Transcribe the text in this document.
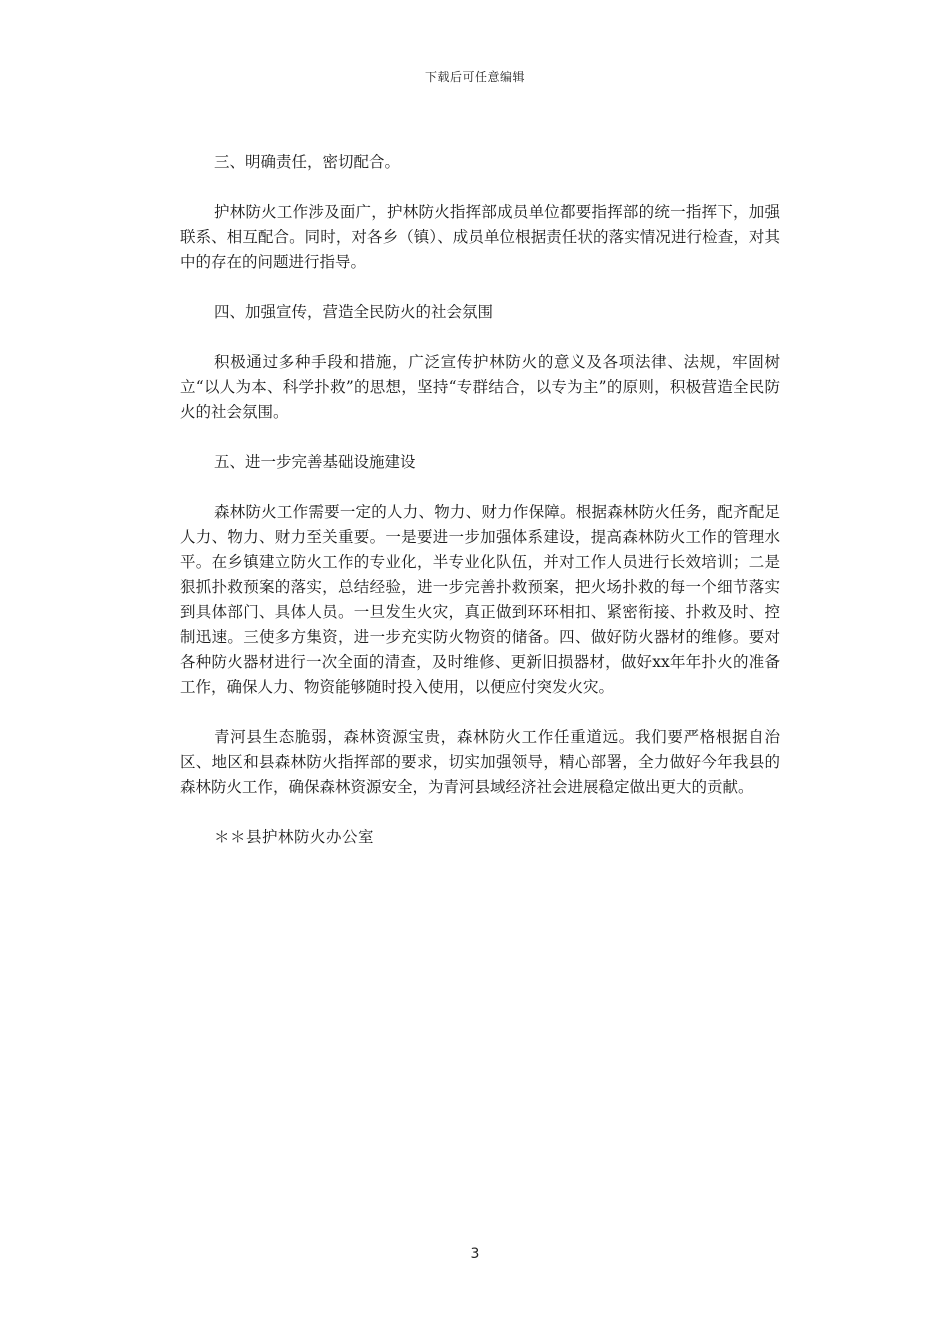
下载后可任意编辑

三、明确责任，密切配合。

护林防火工作涉及面广，护林防火指挥部成员单位都要指挥部的统一指挥下，加强联系、相互配合。同时，对各乡（镇）、成员单位根据责任状的落实情况进行检查，对其中的存在的问题进行指导。

四、加强宣传，营造全民防火的社会氛围

积极通过多种手段和措施，广泛宣传护林防火的意义及各项法律、法规，牢固树立“以人为本、科学扑救”的思想，坚持“专群结合，以专为主”的原则，积极营造全民防火的社会氛围。

五、进一步完善基础设施建设

森林防火工作需要一定的人力、物力、财力作保障。根据森林防火任务，配齐配足人力、物力、财力至关重要。一是要进一步加强体系建设，提高森林防火工作的管理水平。在乡镇建立防火工作的专业化，半专业化队伍，并对工作人员进行长效培训；二是狠抓扑救预案的落实，总结经验，进一步完善扑救预案，把火场扑救的每一个细节落实到具体部门、具体人员。一旦发生火灾，真正做到环环相扣、紧密衔接、扑救及时、控制迅速。三使多方集资，进一步充实防火物资的储备。四、做好防火器材的维修。要对各种防火器材进行一次全面的清查，及时维修、更新旧损器材，做好xx年年扑火的准备工作，确保人力、物资能够随时投入使用，以便应付突发火灾。

青河县生态脆弱，森林资源宝贵，森林防火工作任重道远。我们要严格根据自治区、地区和县森林防火指挥部的要求，切实加强领导，精心部署，全力做好今年我县的森林防火工作，确保森林资源安全，为青河县域经济社会进展稳定做出更大的贡献。

＊＊县护林防火办公室

3
